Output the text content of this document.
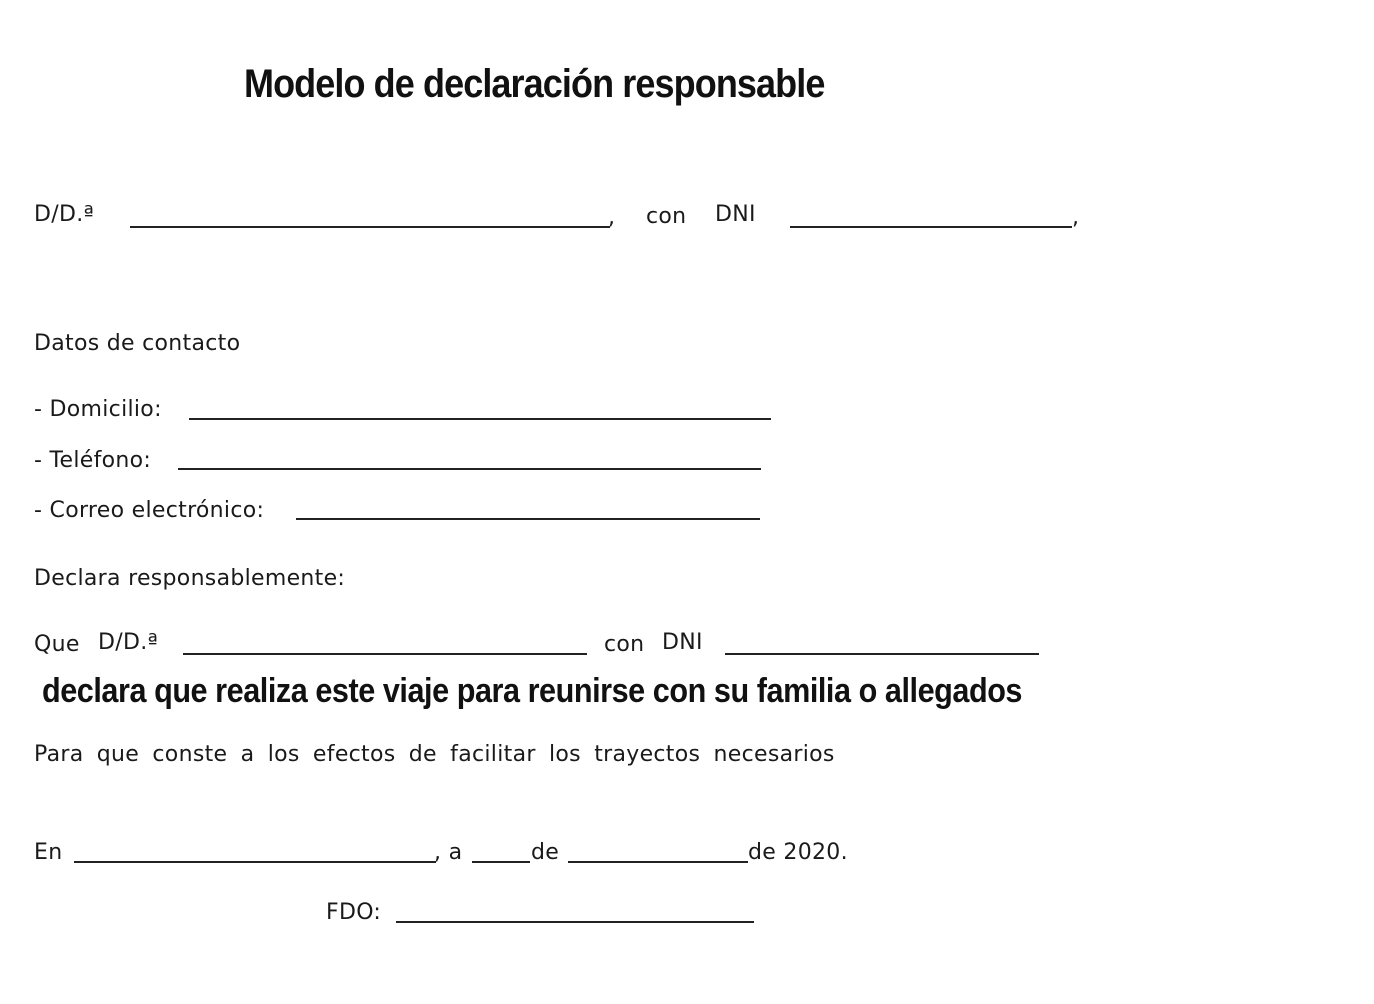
Modelo de declaración responsable
D/D.ª	, con DNI	,
Datos de contacto
- Domicilio:
- Teléfono:
- Correo electrónico:
Declara responsablemente:
Que D/D.ª	con DNI
declara que realiza este viaje para reunirse con su familia o allegados
Para que conste a los efectos de facilitar los trayectos necesarios
En	, a	de	de 2020.
FDO:
